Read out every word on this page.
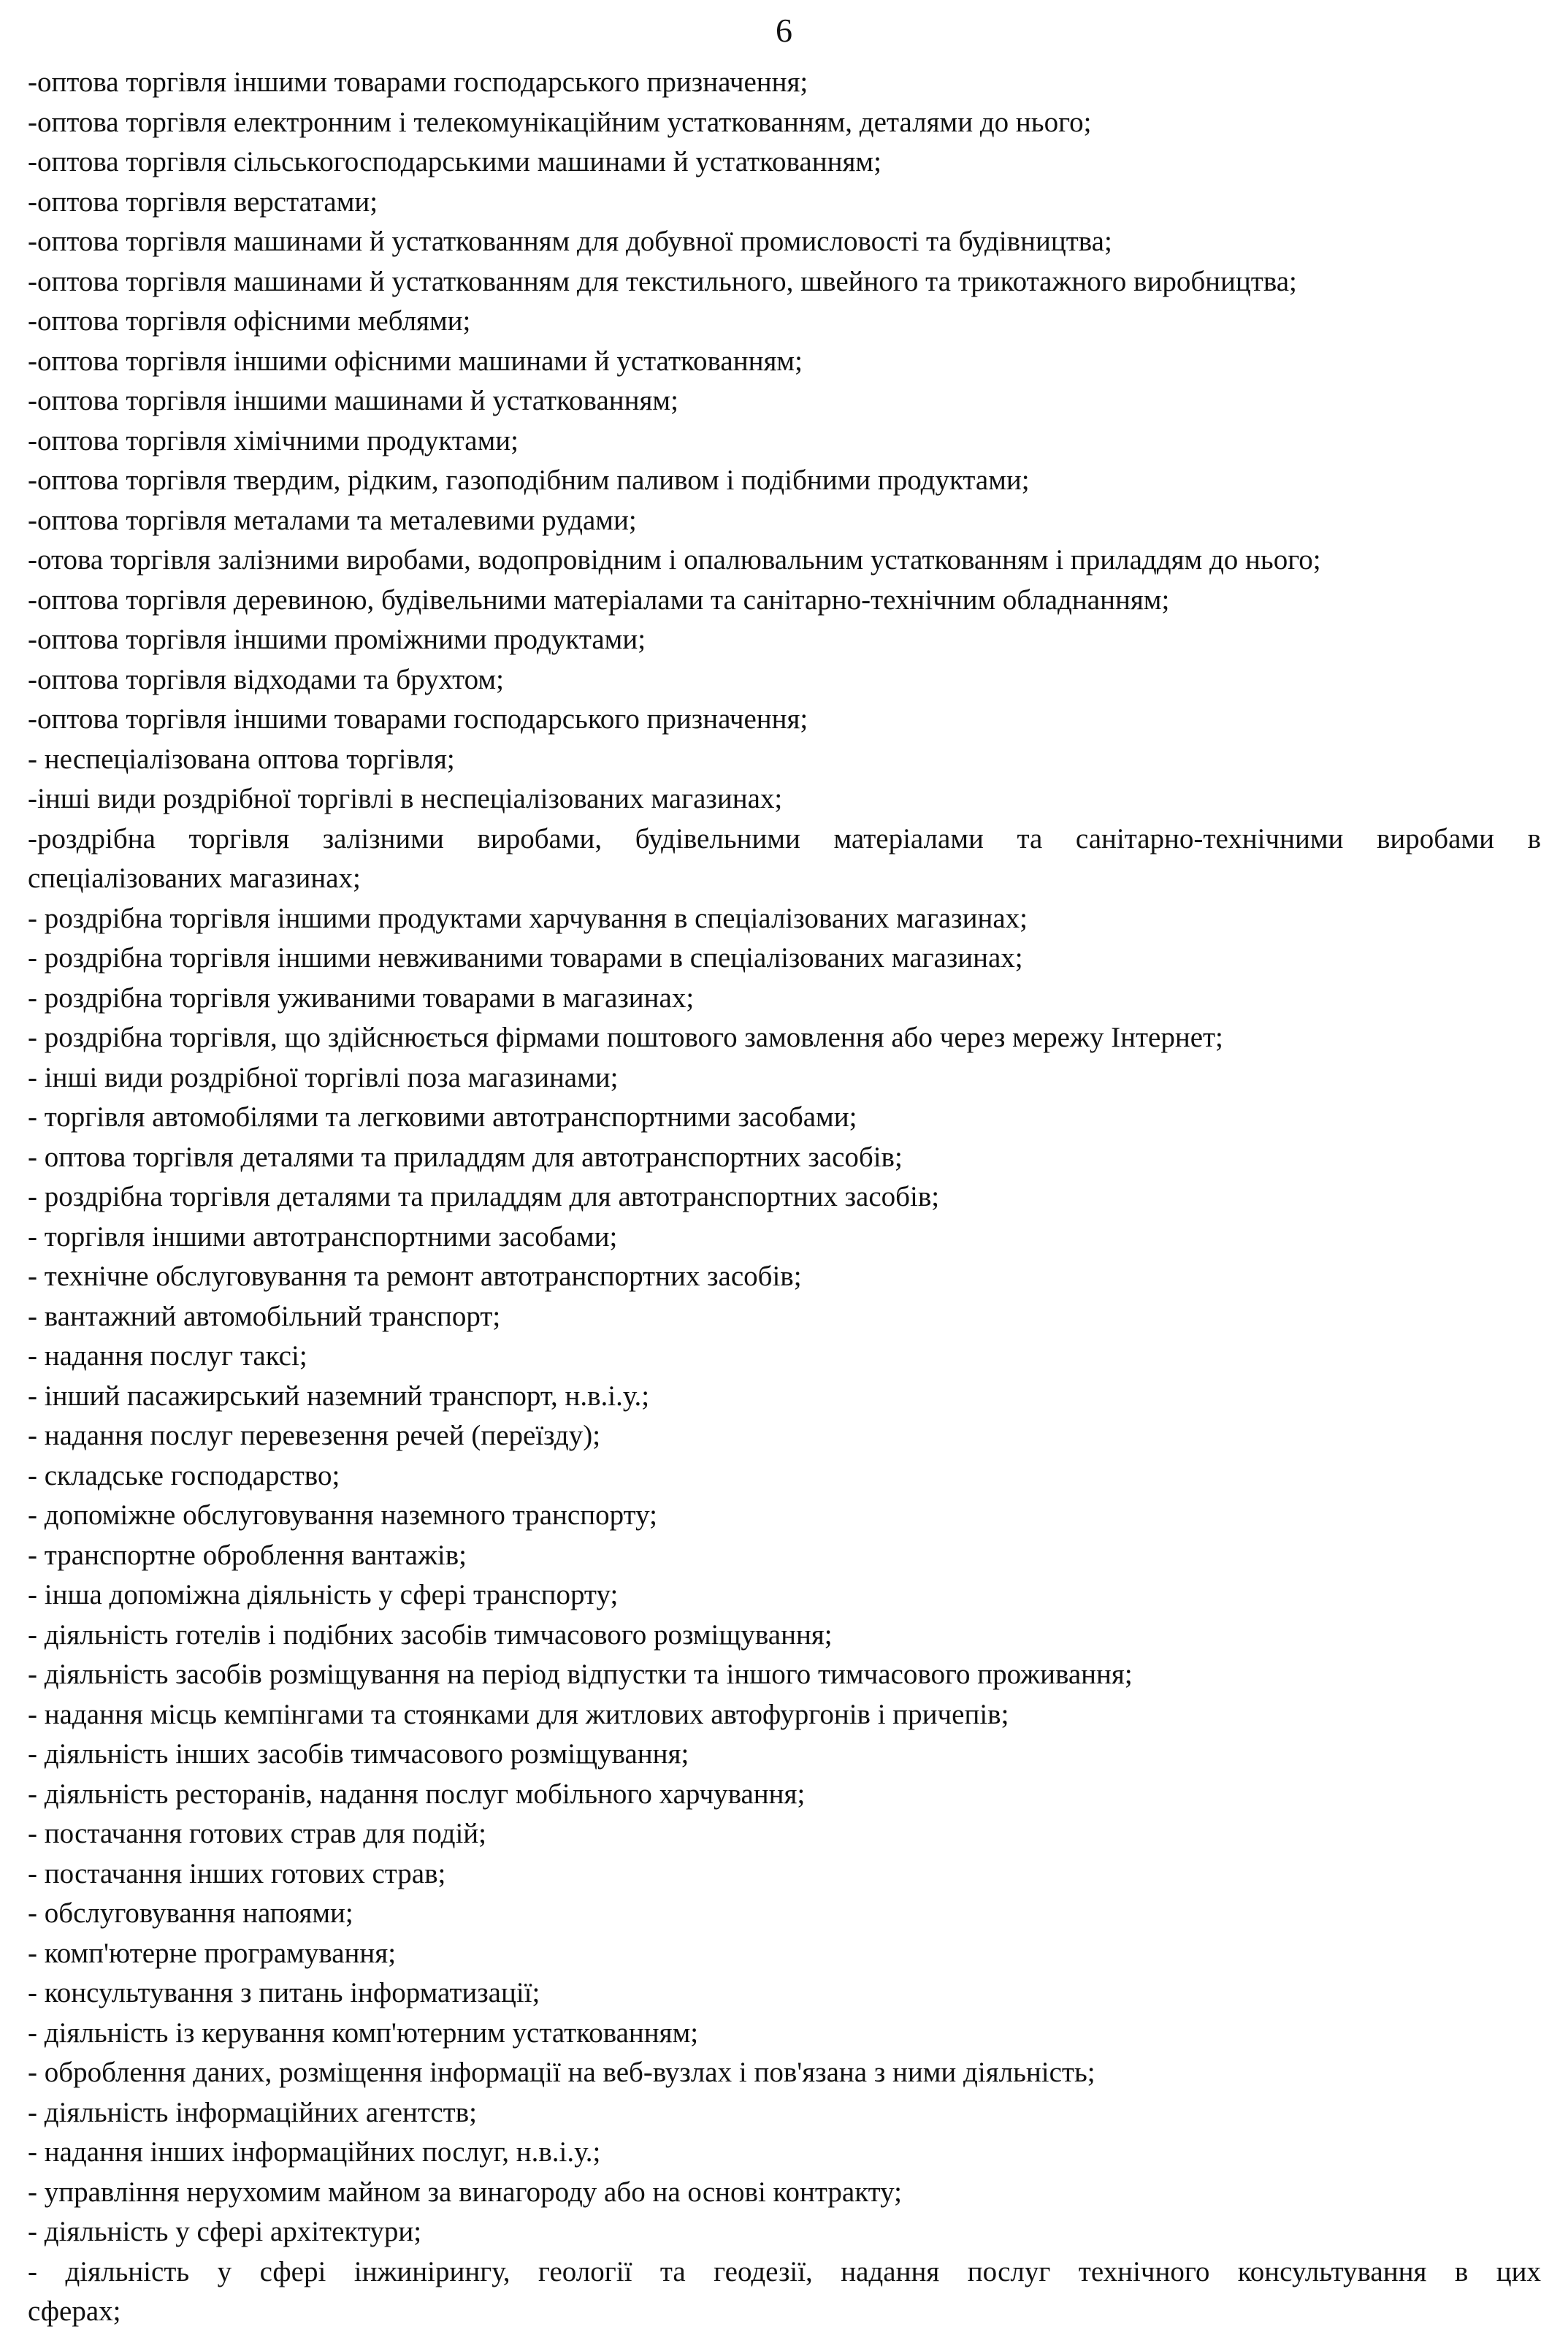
6
-оптова торгівля іншими товарами господарського призначення;
-оптова торгівля електронним і телекомунікаційним устаткованням, деталями до нього;
-оптова торгівля сільськогосподарськими машинами й устаткованням;
-оптова торгівля верстатами;
-оптова торгівля машинами й устаткованням для добувної промисловості та будівництва;
-оптова торгівля машинами й устаткованням для текстильного, швейного та трикотажного виробництва;
-оптова торгівля офісними меблями;
-оптова торгівля іншими офісними машинами й устаткованням;
-оптова торгівля іншими машинами й устаткованням;
-оптова торгівля хімічними продуктами;
-оптова торгівля твердим, рідким, газоподібним паливом і подібними продуктами;
-оптова торгівля металами та металевими рудами;
-отова торгівля залізними виробами, водопровідним і опалювальним устаткованням і приладдям до нього;
-оптова торгівля деревиною, будівельними матеріалами та санітарно-технічним обладнанням;
-оптова торгівля іншими проміжними продуктами;
-оптова торгівля відходами та брухтом;
-оптова торгівля іншими товарами господарського призначення;
- неспеціалізована оптова торгівля;
-інші види роздрібної торгівлі в неспеціалізованих магазинах;
-роздрібна торгівля залізними виробами, будівельними матеріалами та санітарно-технічними виробами в
спеціалізованих магазинах;
- роздрібна торгівля іншими продуктами харчування в спеціалізованих магазинах;
- роздрібна торгівля іншими невживаними товарами в спеціалізованих магазинах;
- роздрібна торгівля уживаними товарами в магазинах;
- роздрібна торгівля, що здійснюється фірмами поштового замовлення або через мережу Інтернет;
- інші види роздрібної торгівлі поза магазинами;
- торгівля автомобілями та легковими автотранспортними засобами;
- оптова торгівля деталями та приладдям для автотранспортних засобів;
- роздрібна торгівля деталями та приладдям для автотранспортних засобів;
- торгівля іншими автотранспортними засобами;
- технічне обслуговування та ремонт автотранспортних засобів;
- вантажний автомобільний транспорт;
- надання послуг таксі;
- інший пасажирський наземний транспорт, н.в.і.у.;
- надання послуг перевезення речей (переїзду);
- складське господарство;
- допоміжне обслуговування наземного транспорту;
- транспортне оброблення вантажів;
- інша допоміжна діяльність у сфері транспорту;
- діяльність готелів і подібних засобів тимчасового розміщування;
- діяльність засобів розміщування на період відпустки та іншого тимчасового проживання;
- надання місць кемпінгами та стоянками для житлових автофургонів і причепів;
- діяльність інших засобів тимчасового розміщування;
- діяльність ресторанів, надання послуг мобільного харчування;
- постачання готових страв для подій;
- постачання інших готових страв;
- обслуговування напоями;
- комп'ютерне програмування;
- консультування з питань інформатизації;
- діяльність із керування комп'ютерним устаткованням;
- оброблення даних, розміщення інформації на веб-вузлах і пов'язана з ними діяльність;
- діяльність інформаційних агентств;
- надання інших інформаційних послуг, н.в.і.у.;
- управління нерухомим майном за винагороду або на основі контракту;
- діяльність у сфері архітектури;
- діяльність у сфері інжинірингу, геології та геодезії, надання послуг технічного консультування в цих
сферах;
